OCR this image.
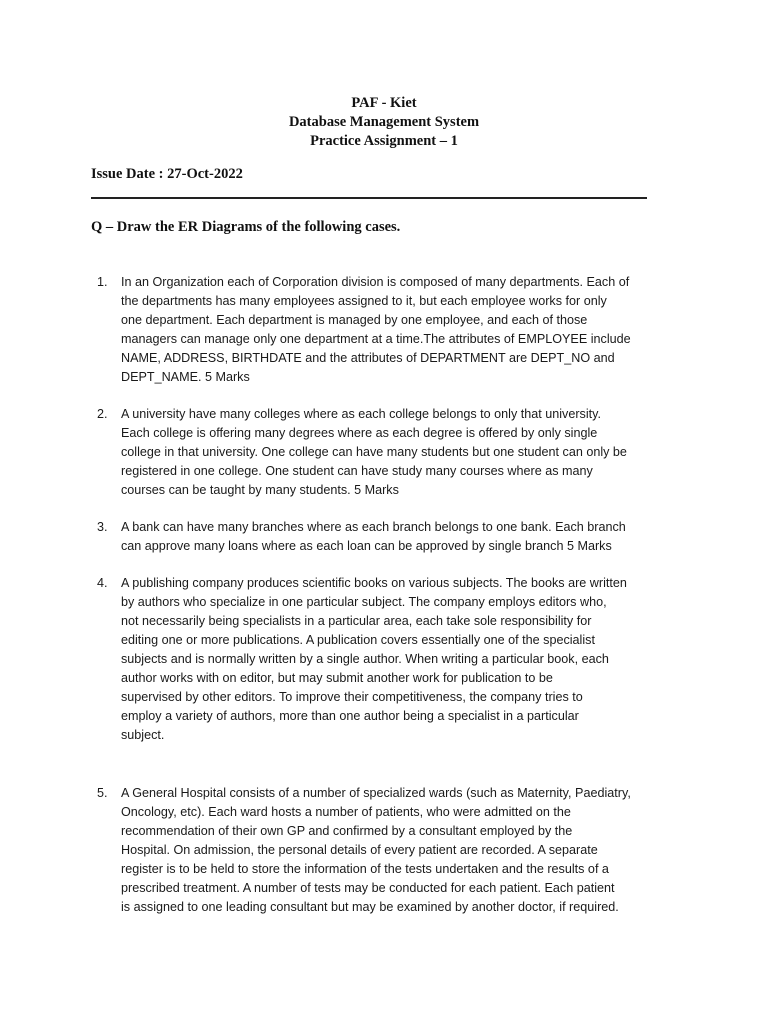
PAF - Kiet
Database Management System
Practice Assignment – 1
Issue Date : 27-Oct-2022
Q – Draw the ER Diagrams of the following cases.
1. In an Organization each of Corporation division is composed of many departments. Each of
the departments has many employees assigned to it, but each employee works for only
one department. Each department is managed by one employee, and each of those
managers can manage only one department at a time.The attributes of EMPLOYEE include
NAME, ADDRESS, BIRTHDATE and the attributes of DEPARTMENT are DEPT_NO and
DEPT_NAME. 5 Marks
2. A university have many colleges where as each college belongs to only that university.
Each college is offering many degrees where as each degree is offered by only single
college in that university. One college can have many students but one student can only be
registered in one college. One student can have study many courses where as many
courses can be taught by many students. 5 Marks
3. A bank can have many branches where as each branch belongs to one bank. Each branch
can approve many loans where as each loan can be approved by single branch 5 Marks
4. A publishing company produces scientific books on various subjects. The books are written
by authors who specialize in one particular subject. The company employs editors who,
not necessarily being specialists in a particular area, each take sole responsibility for
editing one or more publications. A publication covers essentially one of the specialist
subjects and is normally written by a single author. When writing a particular book, each
author works with on editor, but may submit another work for publication to be
supervised by other editors. To improve their competitiveness, the company tries to
employ a variety of authors, more than one author being a specialist in a particular
subject.
5. A General Hospital consists of a number of specialized wards (such as Maternity, Paediatry,
Oncology, etc). Each ward hosts a number of patients, who were admitted on the
recommendation of their own GP and confirmed by a consultant employed by the
Hospital. On admission, the personal details of every patient are recorded. A separate
register is to be held to store the information of the tests undertaken and the results of a
prescribed treatment. A number of tests may be conducted for each patient. Each patient
is assigned to one leading consultant but may be examined by another doctor, if required.
